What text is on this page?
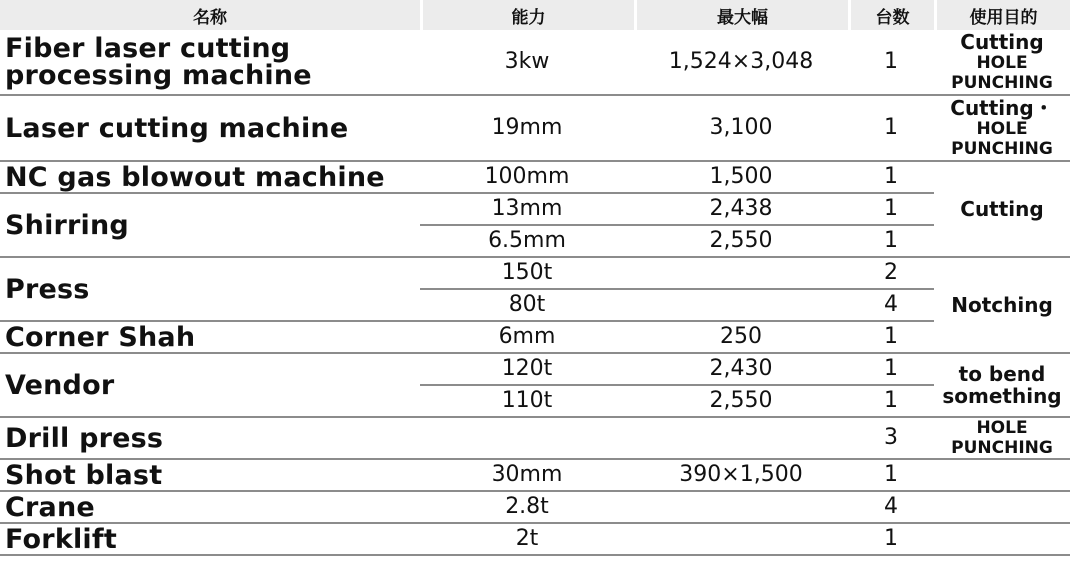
名称	能力	最大幅	台数	使用目的
Fiber laser cutting processing machine	3kw	1,524×3,048	1	Cutting
HOLE PUNCHING

Laser cutting machine	19mm	3,100	1	Cutting・
HOLE PUNCHING

NC gas blowout machine	100mm	1,500	1	Cutting
Shirring	13mm	2,438	1	
	6.5mm	2,550	1	
Press	150t		2	Notching
	80t		4	
Corner Shah	6mm	250	1	
Vendor	120t	2,430	1	to bend something
	110t	2,550	1	
Drill press			3	HOLE PUNCHING

Shot blast	30mm	390×1,500	1	
Crane	2.8t		4	
Forklift	2t		1	
